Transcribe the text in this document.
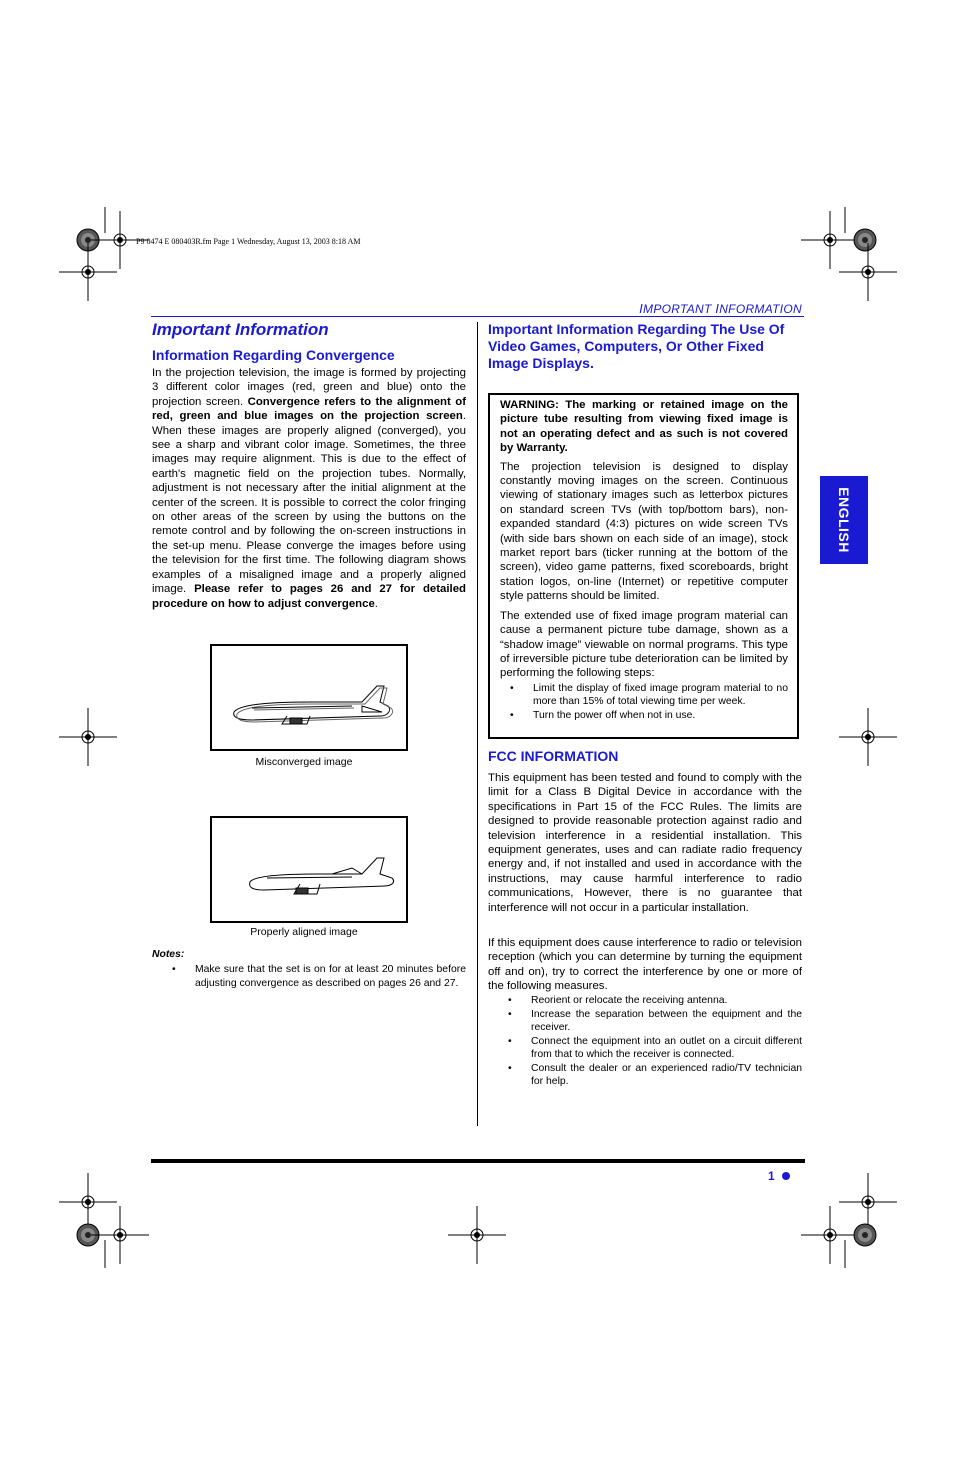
P9 0474 E 080403R.fm Page 1 Wednesday, August 13, 2003 8:18 AM
IMPORTANT INFORMATION
ENGLISH
Important Information
Information Regarding Convergence
In the projection television, the image is formed by projecting 3 different color images (red, green and blue) onto the projection screen. Convergence refers to the alignment of red, green and blue images on the projection screen. When these images are properly aligned (converged), you see a sharp and vibrant color image. Sometimes, the three images may require alignment. This is due to the effect of earth's magnetic field on the projection tubes. Normally, adjustment is not necessary after the initial alignment at the center of the screen. It is possible to correct the color fringing on other areas of the screen by using the buttons on the remote control and by following the on-screen instructions in the set-up menu. Please converge the images before using the television for the first time. The following diagram shows examples of a misaligned image and a properly aligned image. Please refer to pages 26 and 27 for detailed procedure on how to adjust convergence.
Misconverged image
Properly aligned image
Notes:
• Make sure that the set is on for at least 20 minutes before adjusting convergence as described on pages 26 and 27.
Important Information Regarding The Use Of Video Games, Computers, Or Other Fixed Image Displays.
WARNING: The marking or retained image on the picture tube resulting from viewing fixed image is not an operating defect and as such is not covered by Warranty.
The projection television is designed to display constantly moving images on the screen. Continuous viewing of stationary images such as letterbox pictures on standard screen TVs (with top/bottom bars), non-expanded standard (4:3) pictures on wide screen TVs (with side bars shown on each side of an image), stock market report bars (ticker running at the bottom of the screen), video game patterns, fixed scoreboards, bright station logos, on-line (Internet) or repetitive computer style patterns should be limited.
The extended use of fixed image program material can cause a permanent picture tube damage, shown as a “shadow image” viewable on normal programs. This type of irreversible picture tube deterioration can be limited by performing the following steps:
• Limit the display of fixed image program material to no more than 15% of total viewing time per week.
• Turn the power off when not in use.
FCC INFORMATION
This equipment has been tested and found to comply with the limit for a Class B Digital Device in accordance with the specifications in Part 15 of the FCC Rules. The limits are designed to provide reasonable protection against radio and television interference in a residential installation. This equipment generates, uses and can radiate radio frequency energy and, if not installed and used in accordance with the instructions, may cause harmful interference to radio communications, However, there is no guarantee that interference will not occur in a particular installation.
If this equipment does cause interference to radio or television reception (which you can determine by turning the equipment off and on), try to correct the interference by one or more of the following measures.
• Reorient or relocate the receiving antenna.
• Increase the separation between the equipment and the receiver.
• Connect the equipment into an outlet on a circuit different from that to which the receiver is connected.
• Consult the dealer or an experienced radio/TV technician for help.
1
